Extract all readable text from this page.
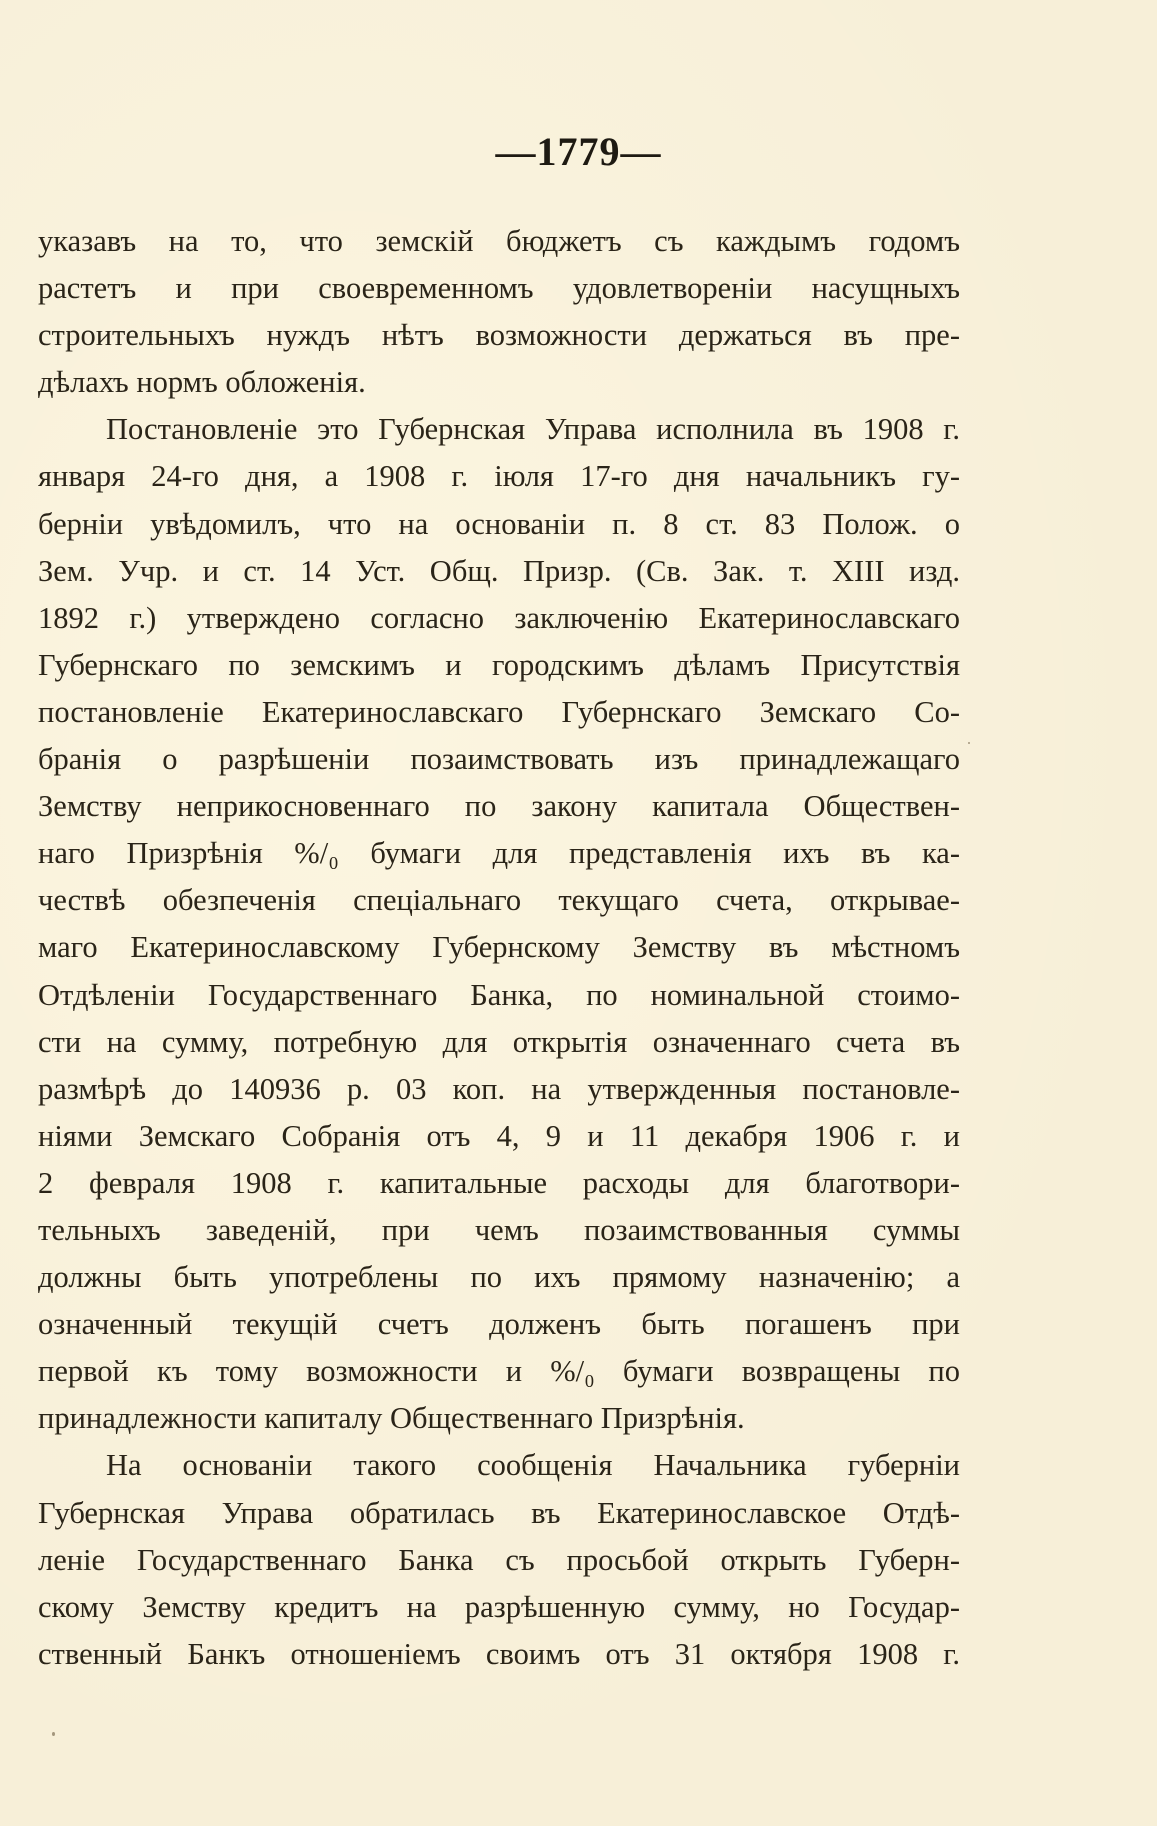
—1779—
указавъ на то, что земскій бюджетъ съ каждымъ годомъ
растетъ и при своевременномъ удовлетвореніи насущныхъ
строительныхъ нуждъ нѣтъ возможности держаться въ пре-
дѣлахъ нормъ обложенія.
Постановленіе это Губернская Управа исполнила въ 1908 г.
января 24-го дня, а 1908 г. іюля 17-го дня начальникъ гу-
берніи увѣдомилъ, что на основаніи п. 8 ст. 83 Полож. о
Зем. Учр. и ст. 14 Уст. Общ. Призр. (Св. Зак. т. XIII изд.
1892 г.) утверждено согласно заключенію Екатеринославскаго
Губернскаго по земскимъ и городскимъ дѣламъ Присутствія
постановленіе Екатеринославскаго Губернскаго Земскаго Со-
бранія о разрѣшеніи позаимствовать изъ принадлежащаго
Земству неприкосновеннаго по закону капитала Обществен-
наго Призрѣнія %/₀ бумаги для представленія ихъ въ ка-
чествѣ обезпеченія спеціальнаго текущаго счета, открывае-
маго Екатеринославскому Губернскому Земству въ мѣстномъ
Отдѣленіи Государственнаго Банка, по номинальной стоимо-
сти на сумму, потребную для открытія означеннаго счета въ
размѣрѣ до 140936 р. 03 коп. на утвержденныя постановле-
ніями Земскаго Собранія отъ 4, 9 и 11 декабря 1906 г. и
2 февраля 1908 г. капитальные расходы для благотвори-
тельныхъ заведеній, при чемъ позаимствованныя суммы
должны быть употреблены по ихъ прямому назначенію; а
означенный текущій счетъ долженъ быть погашенъ при
первой къ тому возможности и %/₀ бумаги возвращены по
принадлежности капиталу Общественнаго Призрѣнія.
На основаніи такого сообщенія Начальника губерніи
Губернская Управа обратилась въ Екатеринославское Отдѣ-
леніе Государственнаго Банка съ просьбой открыть Губерн-
скому Земству кредитъ на разрѣшенную сумму, но Государ-
ственный Банкъ отношеніемъ своимъ отъ 31 октября 1908 г.
